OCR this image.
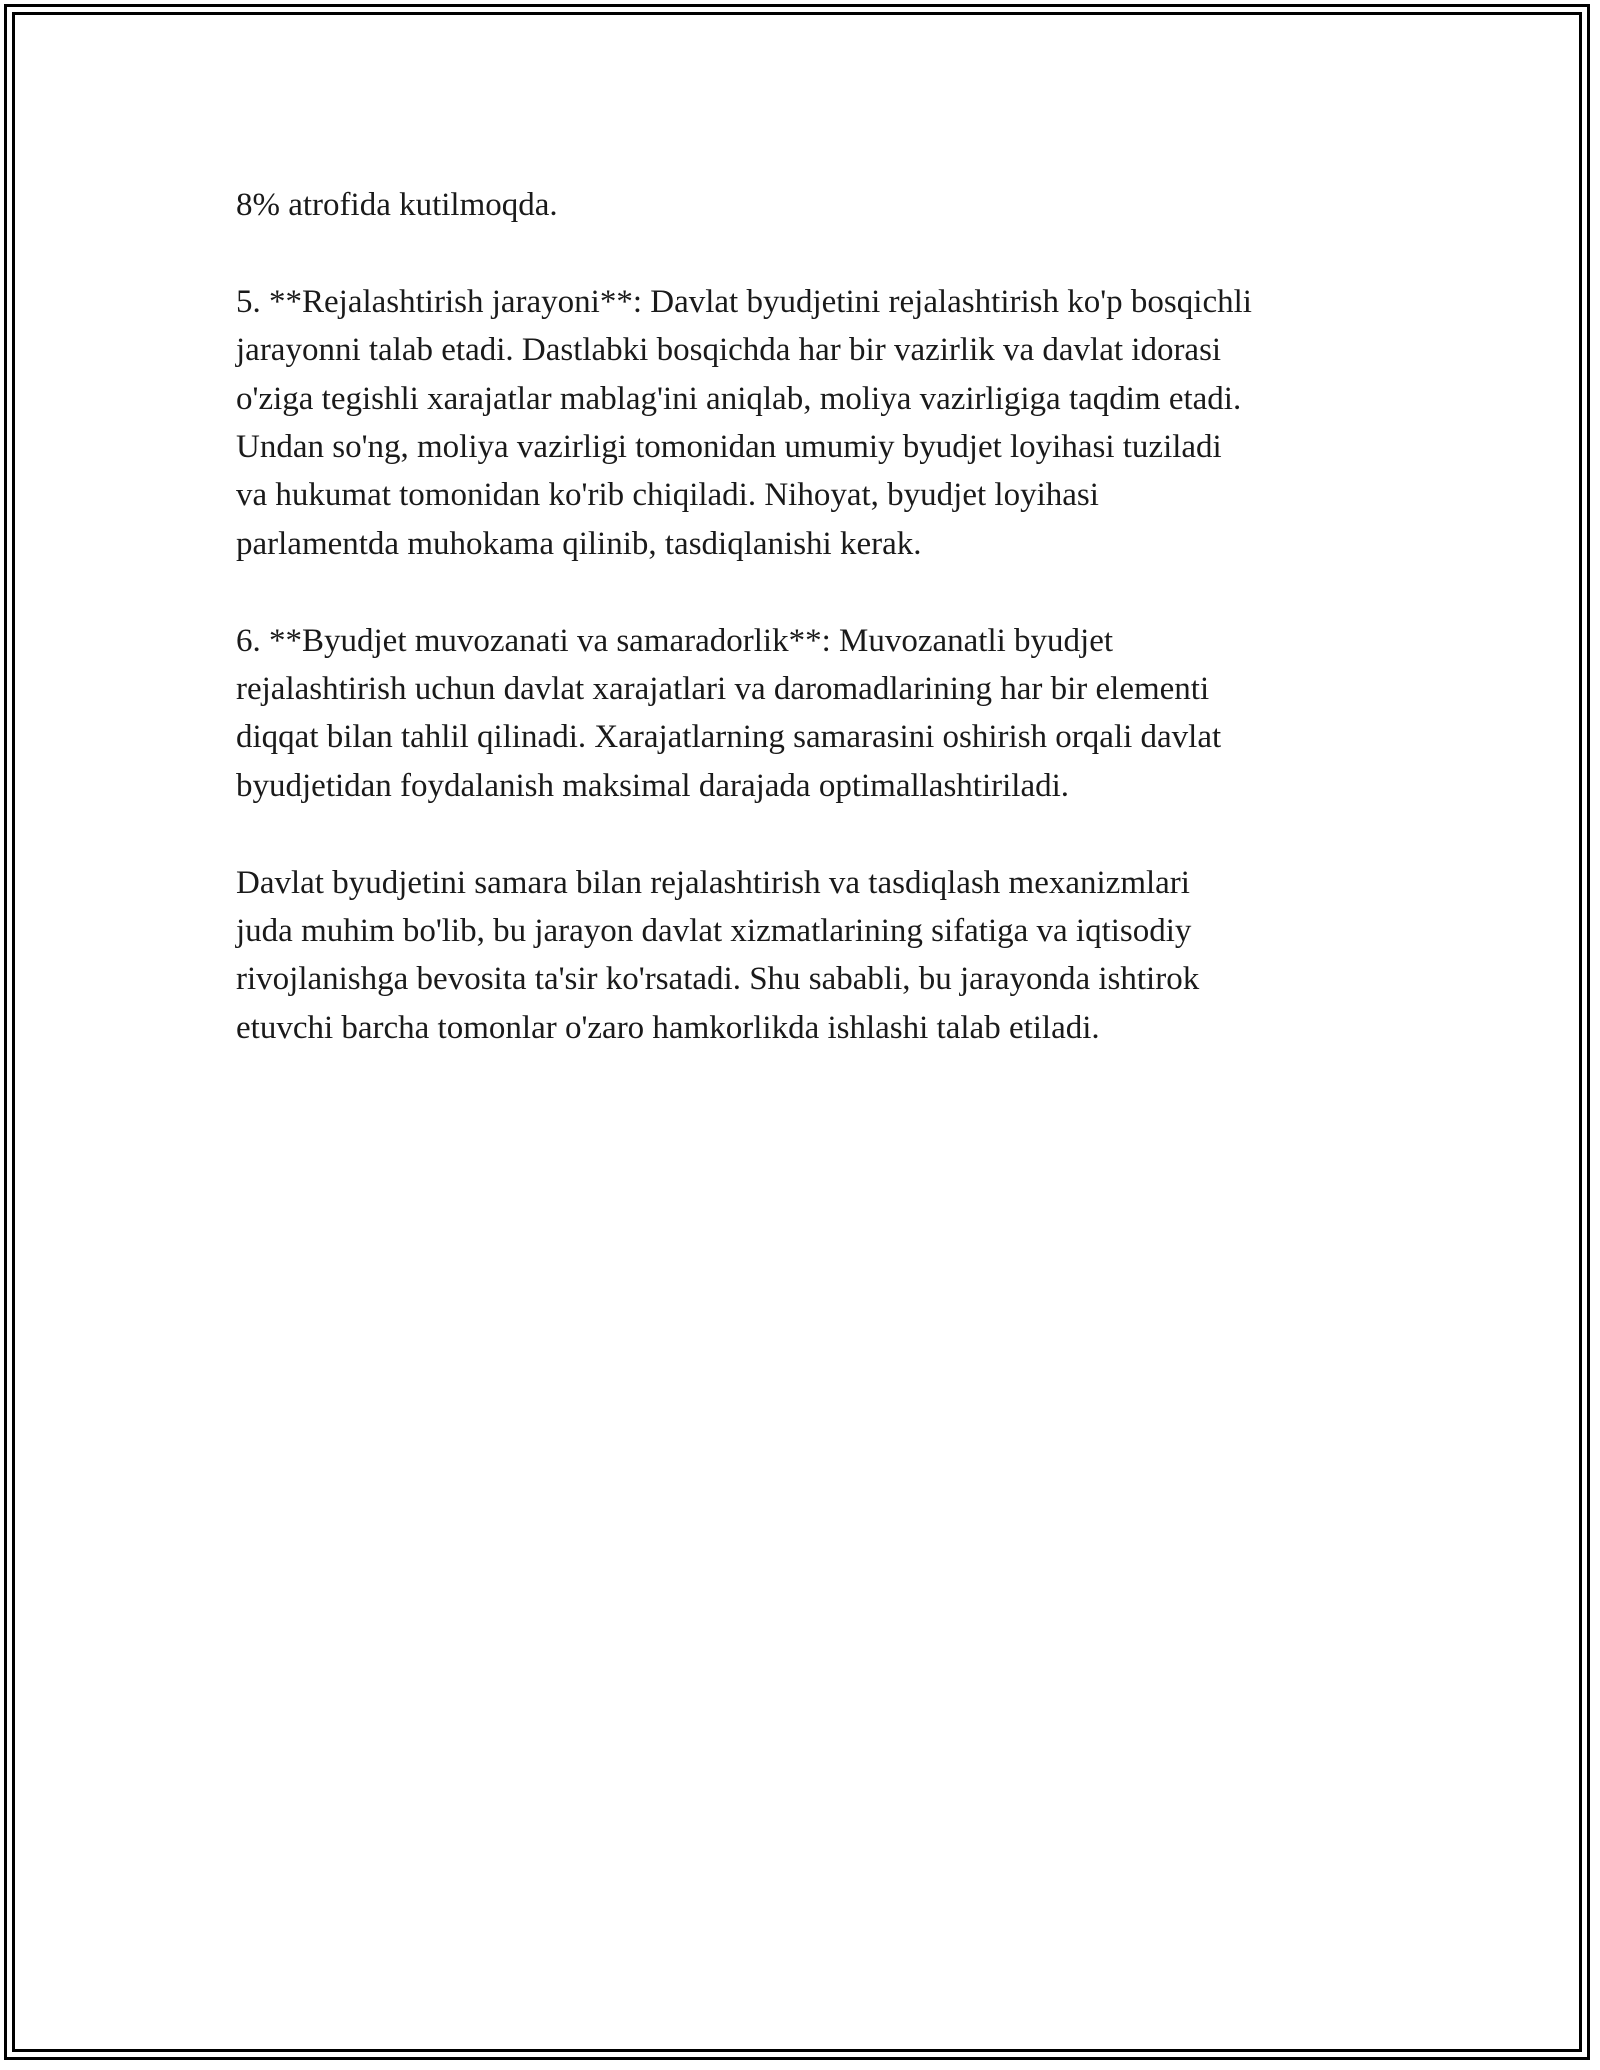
8% atrofida kutilmoqda.
5. **Rejalashtirish jarayoni**: Davlat byudjetini rejalashtirish ko'p bosqichli
jarayonni talab etadi. Dastlabki bosqichda har bir vazirlik va davlat idorasi
o'ziga tegishli xarajatlar mablag'ini aniqlab, moliya vazirligiga taqdim etadi.
Undan so'ng, moliya vazirligi tomonidan umumiy byudjet loyihasi tuziladi
va hukumat tomonidan ko'rib chiqiladi. Nihoyat, byudjet loyihasi
parlamentda muhokama qilinib, tasdiqlanishi kerak.
6. **Byudjet muvozanati va samaradorlik**: Muvozanatli byudjet
rejalashtirish uchun davlat xarajatlari va daromadlarining har bir elementi
diqqat bilan tahlil qilinadi. Xarajatlarning samarasini oshirish orqali davlat
byudjetidan foydalanish maksimal darajada optimallashtiriladi.
Davlat byudjetini samara bilan rejalashtirish va tasdiqlash mexanizmlari
juda muhim bo'lib, bu jarayon davlat xizmatlarining sifatiga va iqtisodiy
rivojlanishga bevosita ta'sir ko'rsatadi. Shu sababli, bu jarayonda ishtirok
etuvchi barcha tomonlar o'zaro hamkorlikda ishlashi talab etiladi.
